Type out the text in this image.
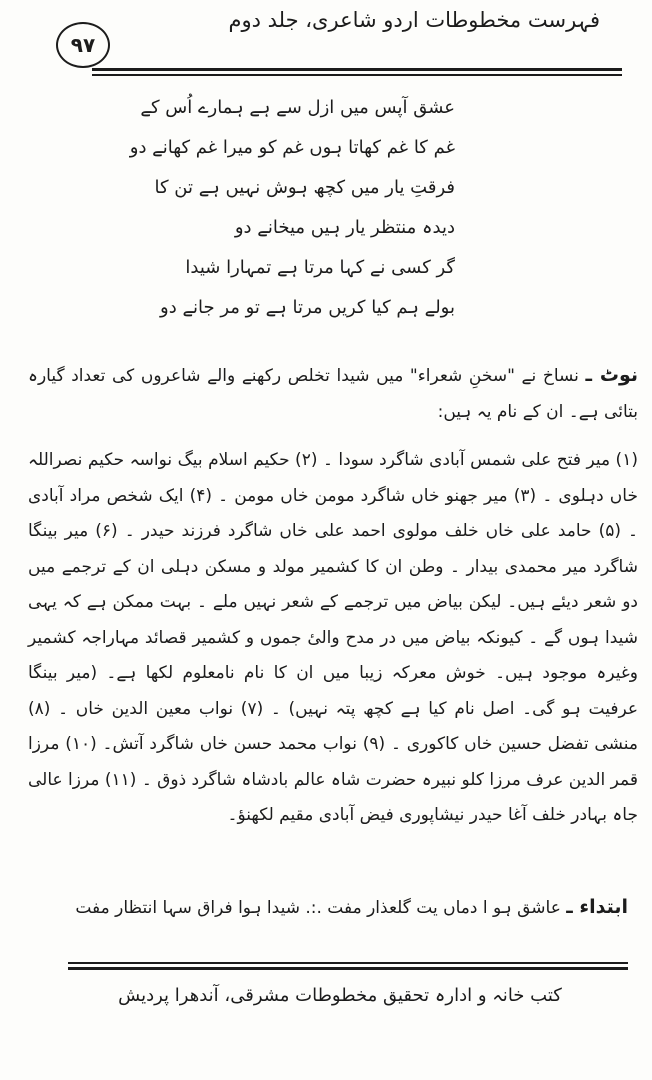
فہرست مخطوطات اردو شاعری، جلد دوم
۹۷
عشق آپس میں ازل سے ہے ہمارے اُس کے
غم کا غم کھاتا ہوں غم کو میرا غم کھانے دو
فرقتِ یار میں کچھ ہوش نہیں ہے تن کا
دیدہ منتظر یار ہیں میخانے دو
گر کسی نے کہا مرتا ہے تمہارا شیدا
بولے ہم کیا کریں مرتا ہے تو مر جانے دو
نوٹ ـ نساخ نے "سخنِ شعراء" میں شیدا تخلص رکھنے والے شاعروں کی تعداد گیارہ بتائی ہے۔ ان کے نام یہ ہیں:
(۱) میر فتح علی شمس آبادی شاگرد سودا ۔ (۲) حکیم اسلام بیگ نواسہ حکیم نصراللہ خاں دہلوی ۔ (۳) میر جھنو خاں شاگرد مومن خاں مومن ۔ (۴) ایک شخص مراد آبادی ۔ (۵) حامد علی خاں خلف مولوی احمد علی خاں شاگرد فرزند حیدر ۔ (۶) میر بینگا شاگرد میر محمدی بیدار ۔ وطن ان کا کشمیر مولد و مسکن دہلی ان کے ترجمے میں دو شعر دیئے ہیں۔ لیکن بیاض میں ترجمے کے شعر نہیں ملے ۔ بہت ممکن ہے کہ یہی شیدا ہوں گے ۔ کیونکہ بیاض میں در مدح والیٔ جموں و کشمیر قصائد مہاراجہ کشمیر وغیرہ موجود ہیں۔ خوش معرکہ زیبا میں ان کا نام نامعلوم لکھا ہے۔ (میر بینگا عرفیت ہو گی۔ اصل نام کیا ہے کچھ پتہ نہیں) ۔ (۷) نواب معین الدین خاں ۔ (۸) منشی تفضل حسین خاں کاکوری ۔ (۹) نواب محمد حسن خاں شاگرد آتش۔ (۱۰) مرزا قمر الدین عرف مرزا کلو نبیرہ حضرت شاہ عالم بادشاہ شاگرد ذوق ۔ (۱۱) مرزا عالی جاہ بہادر خلف آغا حیدر نیشاپوری فیض آبادی مقیم لکھنؤ۔
ابتداء ـ عاشق ہو ا دماں یت گلعذار مفت .:. شیدا ہوا فراق سہا انتظار مفت
کتب خانہ و ادارہ تحقیق مخطوطات مشرقی، آندھرا پردیش
